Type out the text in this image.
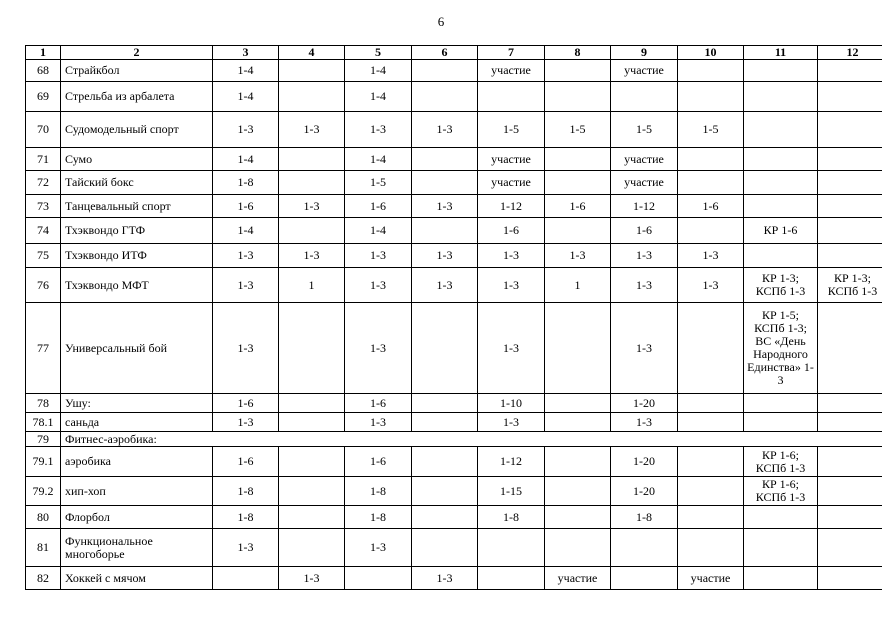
6
1	2	3	4	5	6	7	8	9	10	11	12
68	Страйкбол	1-4		1-4		участие		участие			
69	Стрельба из арбалета	1-4		1-4							
70	Судомодельный спорт	1-3	1-3	1-3	1-3	1-5	1-5	1-5	1-5		
71	Сумо	1-4		1-4		участие		участие			
72	Тайский бокс	1-8		1-5		участие		участие			
73	Танцевальный спорт	1-6	1-3	1-6	1-3	1-12	1-6	1-12	1-6		
74	Тхэквондо ГТФ	1-4		1-4		1-6		1-6		КР 1-6	
75	Тхэквондо ИТФ	1-3	1-3	1-3	1-3	1-3	1-3	1-3	1-3		
76	Тхэквондо МФТ	1-3	1	1-3	1-3	1-3	1	1-3	1-3	КР 1-3; КСПб 1-3	КР 1-3; КСПб 1-3
77	Универсальный бой	1-3		1-3		1-3		1-3		КР 1-5; КСПб 1-3; ВС «День Народного Единства» 1-3	
78	Ушу:	1-6		1-6		1-10		1-20			
78.1	саньда	1-3		1-3		1-3		1-3			
79	Фитнес-аэробика:										
79.1	аэробика	1-6		1-6		1-12		1-20		КР 1-6; КСПб 1-3	
79.2	хип-хоп	1-8		1-8		1-15		1-20		КР 1-6; КСПб 1-3	
80	Флорбол	1-8		1-8		1-8		1-8			
81	Функциональное многоборье	1-3		1-3							
82	Хоккей с мячом		1-3		1-3		участие		участие		
